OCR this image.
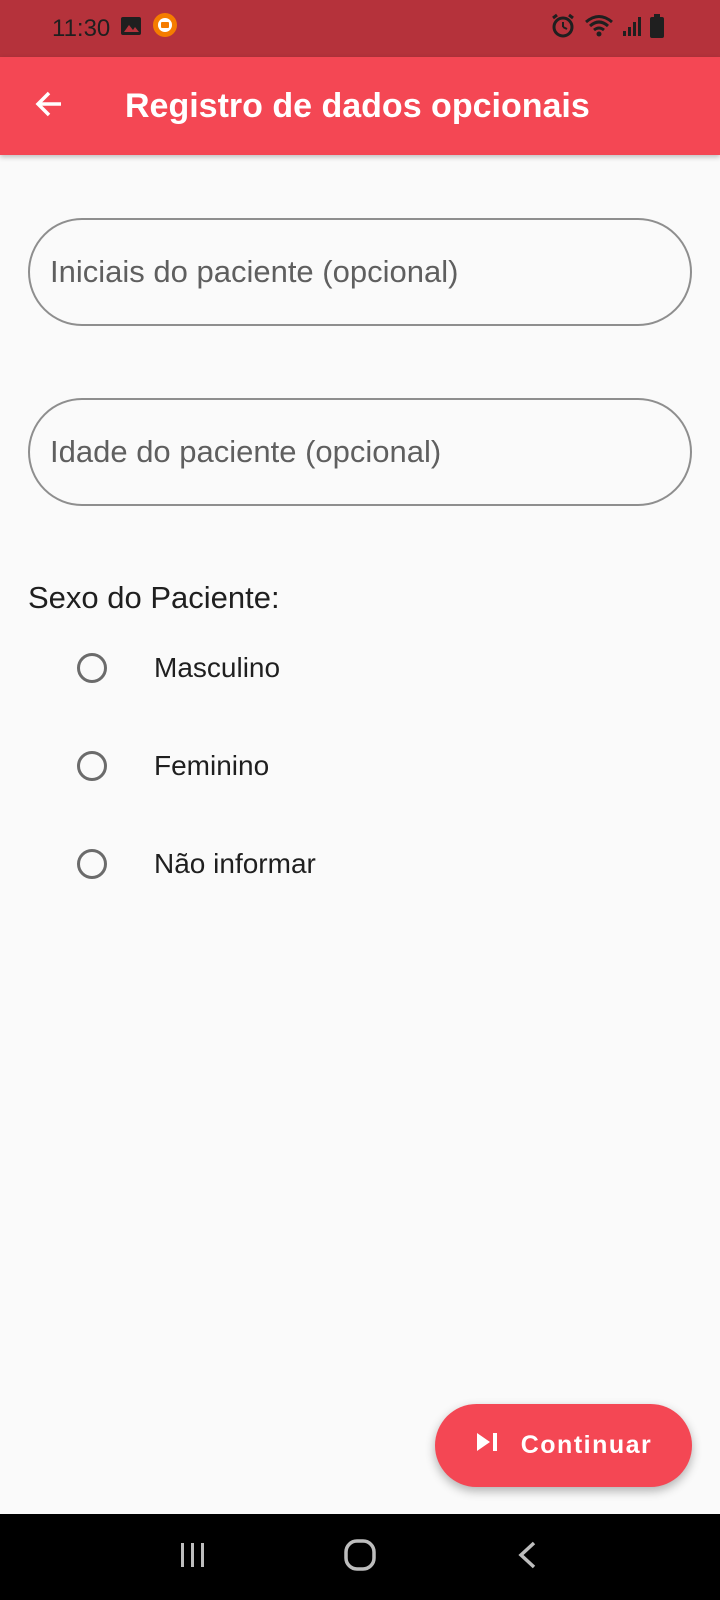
11:30
Registro de dados opcionais
Iniciais do paciente (opcional)
Idade do paciente (opcional)
Sexo do Paciente:
Masculino
Feminino
Não informar
Continuar
